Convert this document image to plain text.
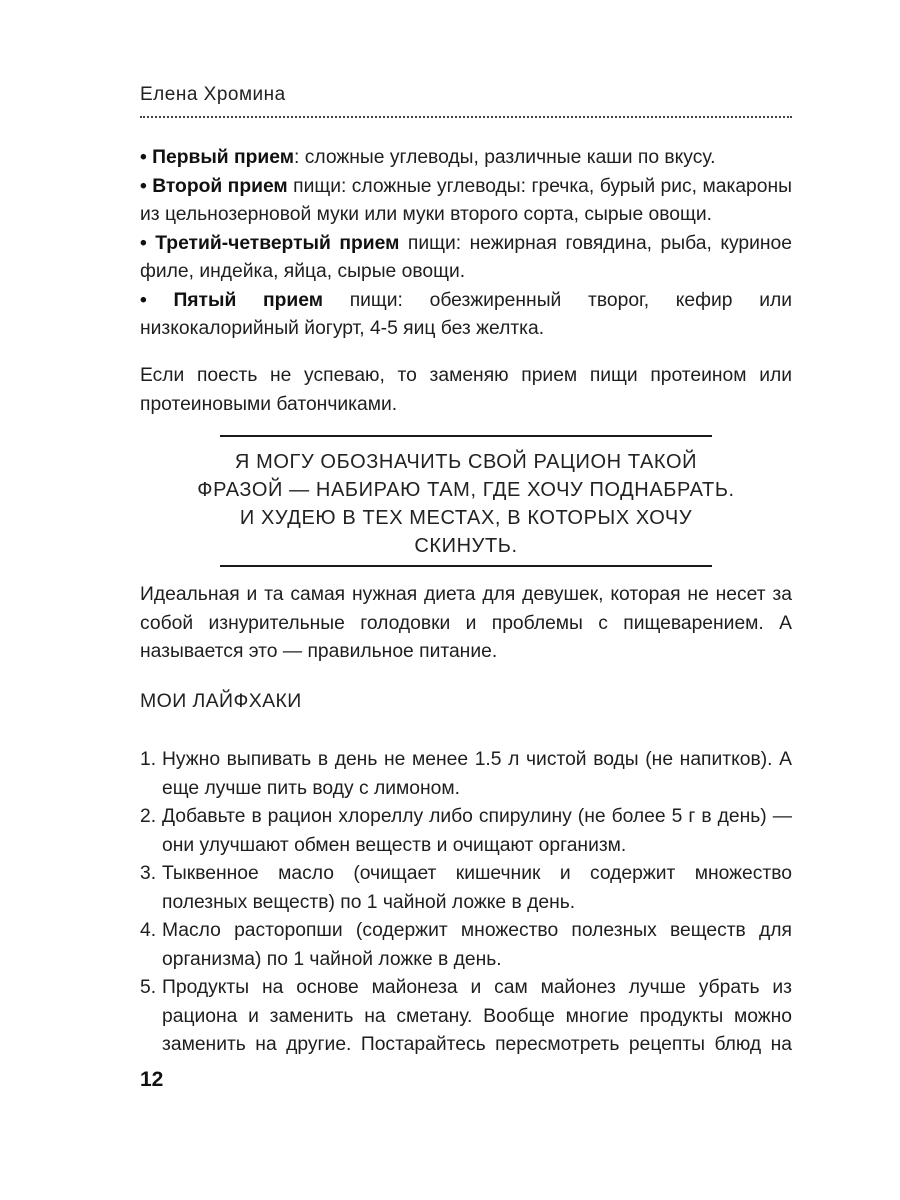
Елена Хромина

• Первый прием: сложные углеводы, различные каши по вкусу.

• Второй прием пищи: сложные углеводы: гречка, бурый рис, макароны из цельнозерновой муки или муки второго сорта, сырые овощи.

• Третий-четвертый прием пищи: нежирная говядина, рыба, куриное филе, индейка, яйца, сырые овощи.

• Пятый прием пищи: обезжиренный творог, кефир или низкокалорийный йогурт, 4-5 яиц без желтка.

Если поесть не успеваю, то заменяю прием пищи протеином или протеиновыми батончиками.

Я МОГУ ОБОЗНАЧИТЬ СВОЙ РАЦИОН ТАКОЙ
ФРАЗОЙ — НАБИРАЮ ТАМ, ГДЕ ХОЧУ ПОДНАБРАТЬ.
И ХУДЕЮ В ТЕХ МЕСТАХ, В КОТОРЫХ ХОЧУ
СКИНУТЬ.

Идеальная и та самая нужная диета для девушек, которая не несет за собой изнурительные голодовки и проблемы с пищеварением. А называется это — правильное питание.

МОИ ЛАЙФХАКИ
1. Нужно выпивать в день не менее 1.5 л чистой воды (не напитков). А еще лучше пить воду с лимоном.
2. Добавьте в рацион хлореллу либо спирулину (не более 5 г в день) — они улучшают обмен веществ и очищают организм.
3. Тыквенное масло (очищает кишечник и содержит множество полезных веществ) по 1 чайной ложке в день.
4. Масло расторопши (содержит множество полезных веществ для организма) по 1 чайной ложке в день.
5. Продукты на основе майонеза и сам майонез лучше убрать из рациона и заменить на сметану. Вообще многие продукты можно заменить на другие. Постарайтесь пересмотреть рецепты блюд на
12
